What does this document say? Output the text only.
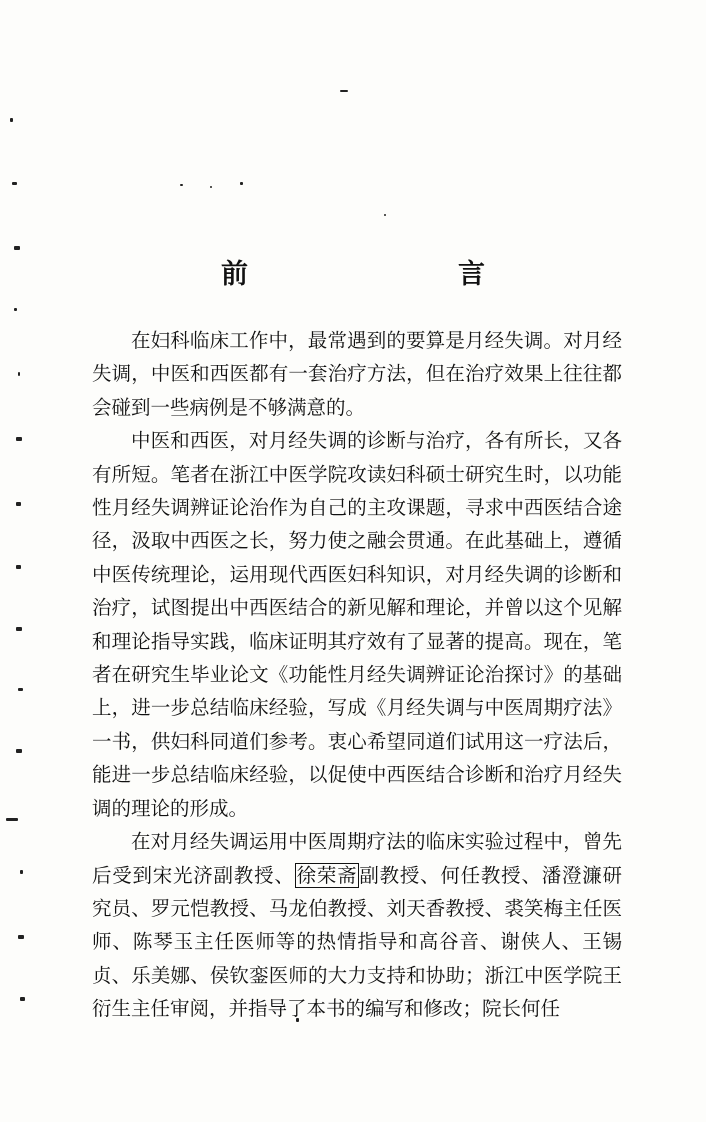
前　　言

在妇科临床工作中，最常遇到的要算是月经失调。对月经失调，中医和西医都有一套治疗方法，但在治疗效果上往往都会碰到一些病例是不够满意的。

中医和西医，对月经失调的诊断与治疗，各有所长，又各有所短。笔者在浙江中医学院攻读妇科硕士研究生时，以功能性月经失调辨证论治作为自己的主攻课题，寻求中西医结合途径，汲取中西医之长，努力使之融会贯通。在此基础上，遵循中医传统理论，运用现代西医妇科知识，对月经失调的诊断和治疗，试图提出中西医结合的新见解和理论，并曾以这个见解和理论指导实践，临床证明其疗效有了显著的提高。现在，笔者在研究生毕业论文《功能性月经失调辨证论治探讨》的基础上，进一步总结临床经验，写成《月经失调与中医周期疗法》一书，供妇科同道们参考。衷心希望同道们试用这一疗法后，能进一步总结临床经验，以促使中西医结合诊断和治疗月经失调的理论的形成。

在对月经失调运用中医周期疗法的临床实验过程中，曾先后受到宋光济副教授、 徐荣斋 副教授、何任教授、潘澄濂研究员、罗元恺教授、马龙伯教授、刘天香教授、裘笑梅主任医师、陈琴玉主任医师等的热情指导和高谷音、谢侠人、王锡贞、乐美娜、侯钦銮医师的大力支持和协助；浙江中医学院王衍生主任审阅，并指导了本书的编写和修改；院长何任
